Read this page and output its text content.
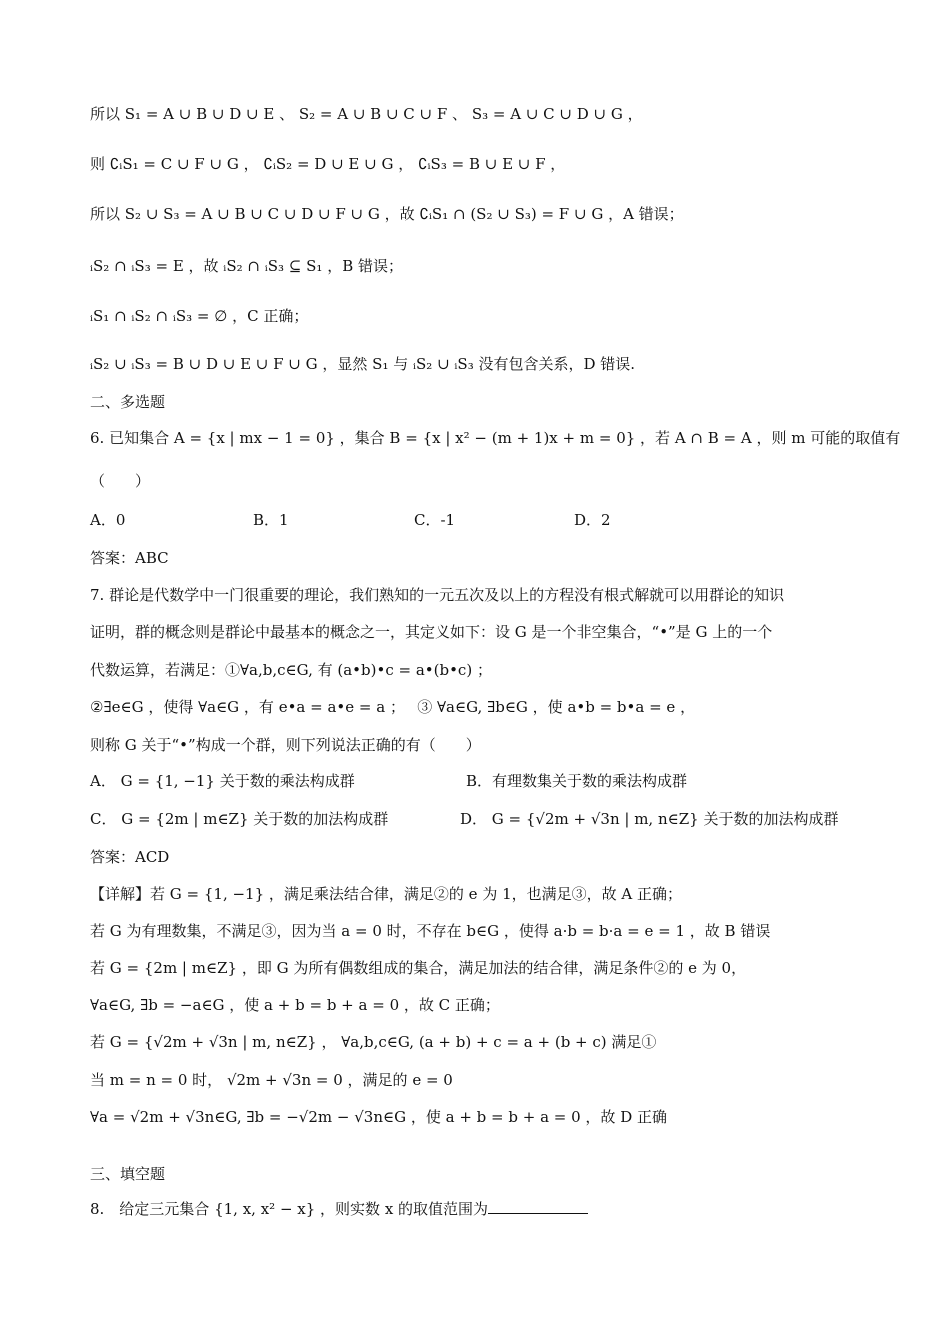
所以 S₁ = A ∪ B ∪ D ∪ E 、 S₂ = A ∪ B ∪ C ∪ F 、 S₃ = A ∪ C ∪ D ∪ G ，
则 ∁ᵢS₁ = C ∪ F ∪ G ， ∁ᵢS₂ = D ∪ E ∪ G ， ∁ᵢS₃ = B ∪ E ∪ F ，
所以 S₂ ∪ S₃ = A ∪ B ∪ C ∪ D ∪ F ∪ G ，故 ∁ᵢS₁ ∩ (S₂ ∪ S₃) = F ∪ G ，A 错误；
ᵢS₂ ∩ ᵢS₃ = E ，故 ᵢS₂ ∩ ᵢS₃ ⊆ S₁ ，B 错误；
ᵢS₁ ∩ ᵢS₂ ∩ ᵢS₃ = ∅ ，C 正确；
ᵢS₂ ∪ ᵢS₃ = B ∪ D ∪ E ∪ F ∪ G ，显然 S₁ 与 ᵢS₂ ∪ ᵢS₃ 没有包含关系，D 错误.
二、多选题
6. 已知集合 A = {x | mx − 1 = 0} ，集合 B = {x | x² − (m + 1)x + m = 0} ，若 A ∩ B = A ，则 m 可能的取值有
（　　）
A．0	B．1	C．-1	D．2
答案：ABC
7. 群论是代数学中一门很重要的理论，我们熟知的一元五次及以上的方程没有根式解就可以用群论的知识
证明，群的概念则是群论中最基本的概念之一，其定义如下：设 G 是一个非空集合，“•”是 G 上的一个
代数运算，若满足：①∀a,b,c∈G, 有 (a•b)•c = a•(b•c) ；
②∃e∈G ，使得 ∀a∈G ，有 e•a = a•e = a ；　 ③ ∀a∈G, ∃b∈G ，使 a•b = b•a = e ，
则称 G 关于“•”构成一个群，则下列说法正确的有（　　）
A． G = {1, −1} 关于数的乘法构成群	B．有理数集关于数的乘法构成群
C． G = {2m | m∈Z} 关于数的加法构成群	D． G = {√2m + √3n | m, n∈Z} 关于数的加法构成群
答案：ACD
【详解】若 G = {1, −1} ，满足乘法结合律，满足②的 e 为 1，也满足③，故 A 正确；
若 G 为有理数集，不满足③，因为当 a = 0 时，不存在 b∈G ，使得 a·b = b·a = e = 1 ，故 B 错误
若 G = {2m | m∈Z} ，即 G 为所有偶数组成的集合，满足加法的结合律，满足条件②的 e 为 0，
∀a∈G, ∃b = −a∈G ，使 a + b = b + a = 0 ，故 C 正确；
若 G = {√2m + √3n | m, n∈Z} ， ∀a,b,c∈G, (a + b) + c = a + (b + c) 满足①
当 m = n = 0 时， √2m + √3n = 0 ，满足的 e = 0
∀a = √2m + √3n∈G, ∃b = −√2m − √3n∈G ，使 a + b = b + a = 0 ，故 D 正确
三、填空题
8.　给定三元集合 {1, x, x² − x} ，则实数 x 的取值范围为
